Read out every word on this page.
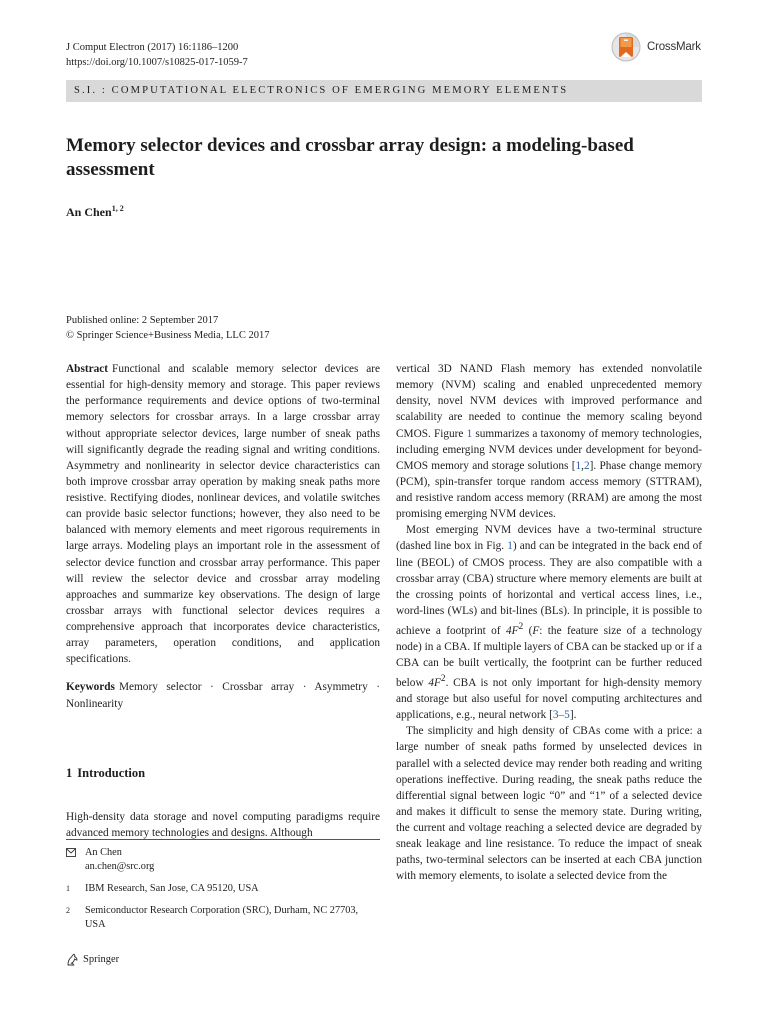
J Comput Electron (2017) 16:1186–1200
https://doi.org/10.1007/s10825-017-1059-7
CrossMark
S.I. : COMPUTATIONAL ELECTRONICS OF EMERGING MEMORY ELEMENTS
Memory selector devices and crossbar array design: a modeling-based assessment
An Chen$^{1, 2}$
Published online: 2 September 2017
© Springer Science+Business Media, LLC 2017

Abstract Functional and scalable memory selector devices are essential for high-density memory and storage. This paper reviews the performance requirements and device options of two-terminal memory selectors for crossbar arrays. In a large crossbar array without appropriate selector devices, large number of sneak paths will significantly degrade the reading signal and writing conditions. Asymmetry and nonlinearity in selector device characteristics can both improve crossbar array operation by making sneak paths more resistive. Rectifying diodes, nonlinear devices, and volatile switches can provide basic selector functions; however, they also need to be balanced with memory elements and meet rigorous requirements in large arrays. Modeling plays an important role in the assessment of selector device function and crossbar array performance. This paper will review the selector device and crossbar array modeling approaches and summarize key observations. The design of large crossbar arrays with functional selector devices requires a comprehensive approach that incorporates device characteristics, array parameters, operation conditions, and application specifications.

Keywords Memory selector · Crossbar array · Asymmetry · Nonlinearity

1 Introduction

High-density data storage and novel computing paradigms require advanced memory technologies and designs. Although

An Chen
an.chen@src.org
1 IBM Research, San Jose, CA 95120, USA
2 Semiconductor Research Corporation (SRC), Durham, NC 27703, USA

vertical 3D NAND Flash memory has extended nonvolatile memory (NVM) scaling and enabled unprecedented memory density, novel NVM devices with improved performance and scalability are needed to continue the memory scaling beyond CMOS. Figure 1 summarizes a taxonomy of memory technologies, including emerging NVM devices under development for beyond-CMOS memory and storage solutions [1,2]. Phase change memory (PCM), spin-transfer torque random access memory (STTRAM), and resistive random access memory (RRAM) are among the most promising emerging NVM devices.

Most emerging NVM devices have a two-terminal structure (dashed line box in Fig. 1) and can be integrated in the back end of line (BEOL) of CMOS process. They are also compatible with a crossbar array (CBA) structure where memory elements are built at the crossing points of horizontal and vertical access lines, i.e., word-lines (WLs) and bit-lines (BLs). In principle, it is possible to achieve a footprint of $4F^2$ (F: the feature size of a technology node) in a CBA. If multiple layers of CBA can be stacked up or if a CBA can be built vertically, the footprint can be further reduced below $4F^2$. CBA is not only important for high-density memory and storage but also useful for novel computing architectures and applications, e.g., neural network [3–5].

The simplicity and high density of CBAs come with a price: a large number of sneak paths formed by unselected devices in parallel with a selected device may render both reading and writing operations ineffective. During reading, the sneak paths reduce the differential signal between logic “0” and “1” of a selected device and makes it difficult to sense the memory state. During writing, the current and voltage reaching a selected device are degraded by sneak leakage and line resistance. To reduce the impact of sneak paths, two-terminal selectors can be inserted at each CBA junction with memory elements, to isolate a selected device from the

Springer
